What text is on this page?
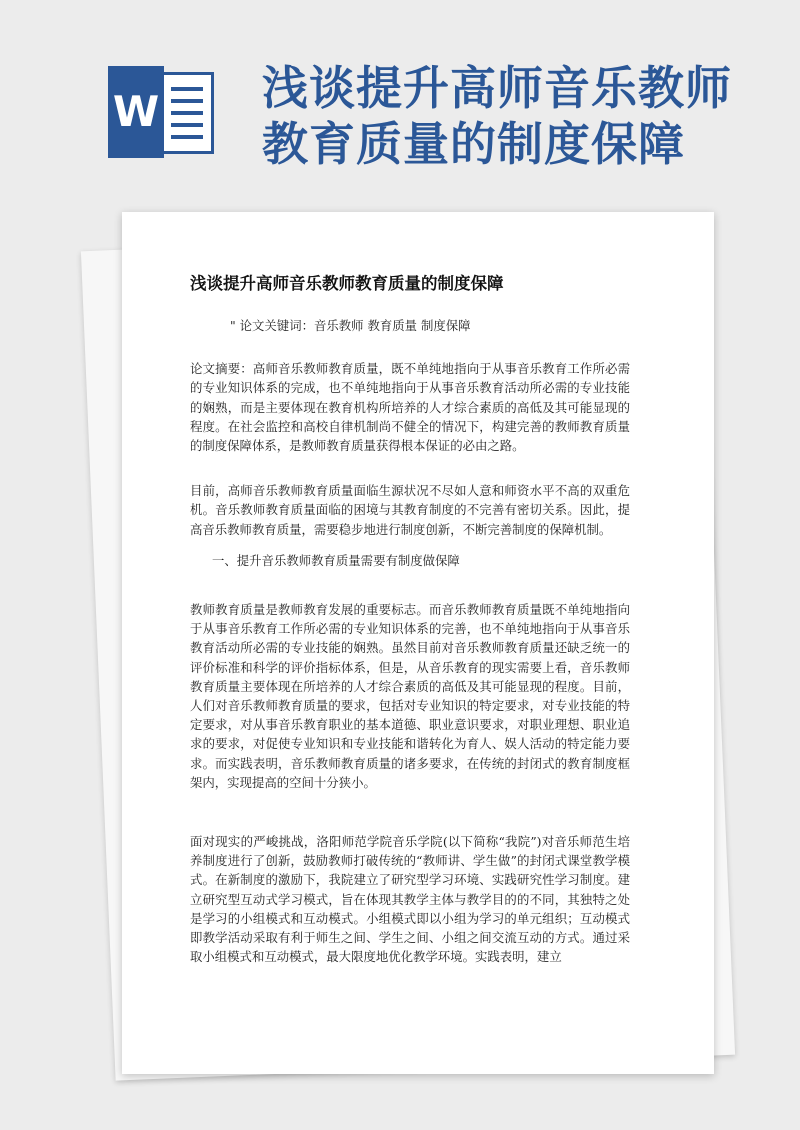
W 浅谈提升高师音乐教师
教育质量的制度保障
浅谈提升高师音乐教师教育质量的制度保障

" 论文关键词：音乐教师 教育质量 制度保障

论文摘要：高师音乐教师教育质量，既不单纯地指向于从事音乐教育工作所必需的专业知识体系的完成，也不单纯地指向于从事音乐教育活动所必需的专业技能的娴熟，而是主要体现在教育机构所培养的人才综合素质的高低及其可能显现的程度。在社会监控和高校自律机制尚不健全的情况下，构建完善的教师教育质量的制度保障体系，是教师教育质量获得根本保证的必由之路。

目前，高师音乐教师教育质量面临生源状况不尽如人意和师资水平不高的双重危机。音乐教师教育质量面临的困境与其教育制度的不完善有密切关系。因此，提高音乐教师教育质量，需要稳步地进行制度创新，不断完善制度的保障机制。

一、提升音乐教师教育质量需要有制度做保障

教师教育质量是教师教育发展的重要标志。而音乐教师教育质量既不单纯地指向于从事音乐教育工作所必需的专业知识体系的完善，也不单纯地指向于从事音乐教育活动所必需的专业技能的娴熟。虽然目前对音乐教师教育质量还缺乏统一的评价标准和科学的评价指标体系，但是，从音乐教育的现实需要上看，音乐教师教育质量主要体现在所培养的人才综合素质的高低及其可能显现的程度。目前，人们对音乐教师教育质量的要求，包括对专业知识的特定要求，对专业技能的特定要求，对从事音乐教育职业的基本道德、职业意识要求，对职业理想、职业追求的要求，对促使专业知识和专业技能和谐转化为育人、娱人活动的特定能力要求。而实践表明，音乐教师教育质量的诸多要求，在传统的封闭式的教育制度框架内，实现提高的空间十分狭小。

面对现实的严峻挑战，洛阳师范学院音乐学院(以下简称“我院”)对音乐师范生培养制度进行了创新，鼓励教师打破传统的“教师讲、学生做”的封闭式课堂教学模式。在新制度的激励下，我院建立了研究型学习环境、实践研究性学习制度。建立研究型互动式学习模式，旨在体现其教学主体与教学目的的不同，其独特之处是学习的小组模式和互动模式。小组模式即以小组为学习的单元组织；互动模式即教学活动采取有利于师生之间、学生之间、小组之间交流互动的方式。通过采取小组模式和互动模式，最大限度地优化教学环境。实践表明，建立
